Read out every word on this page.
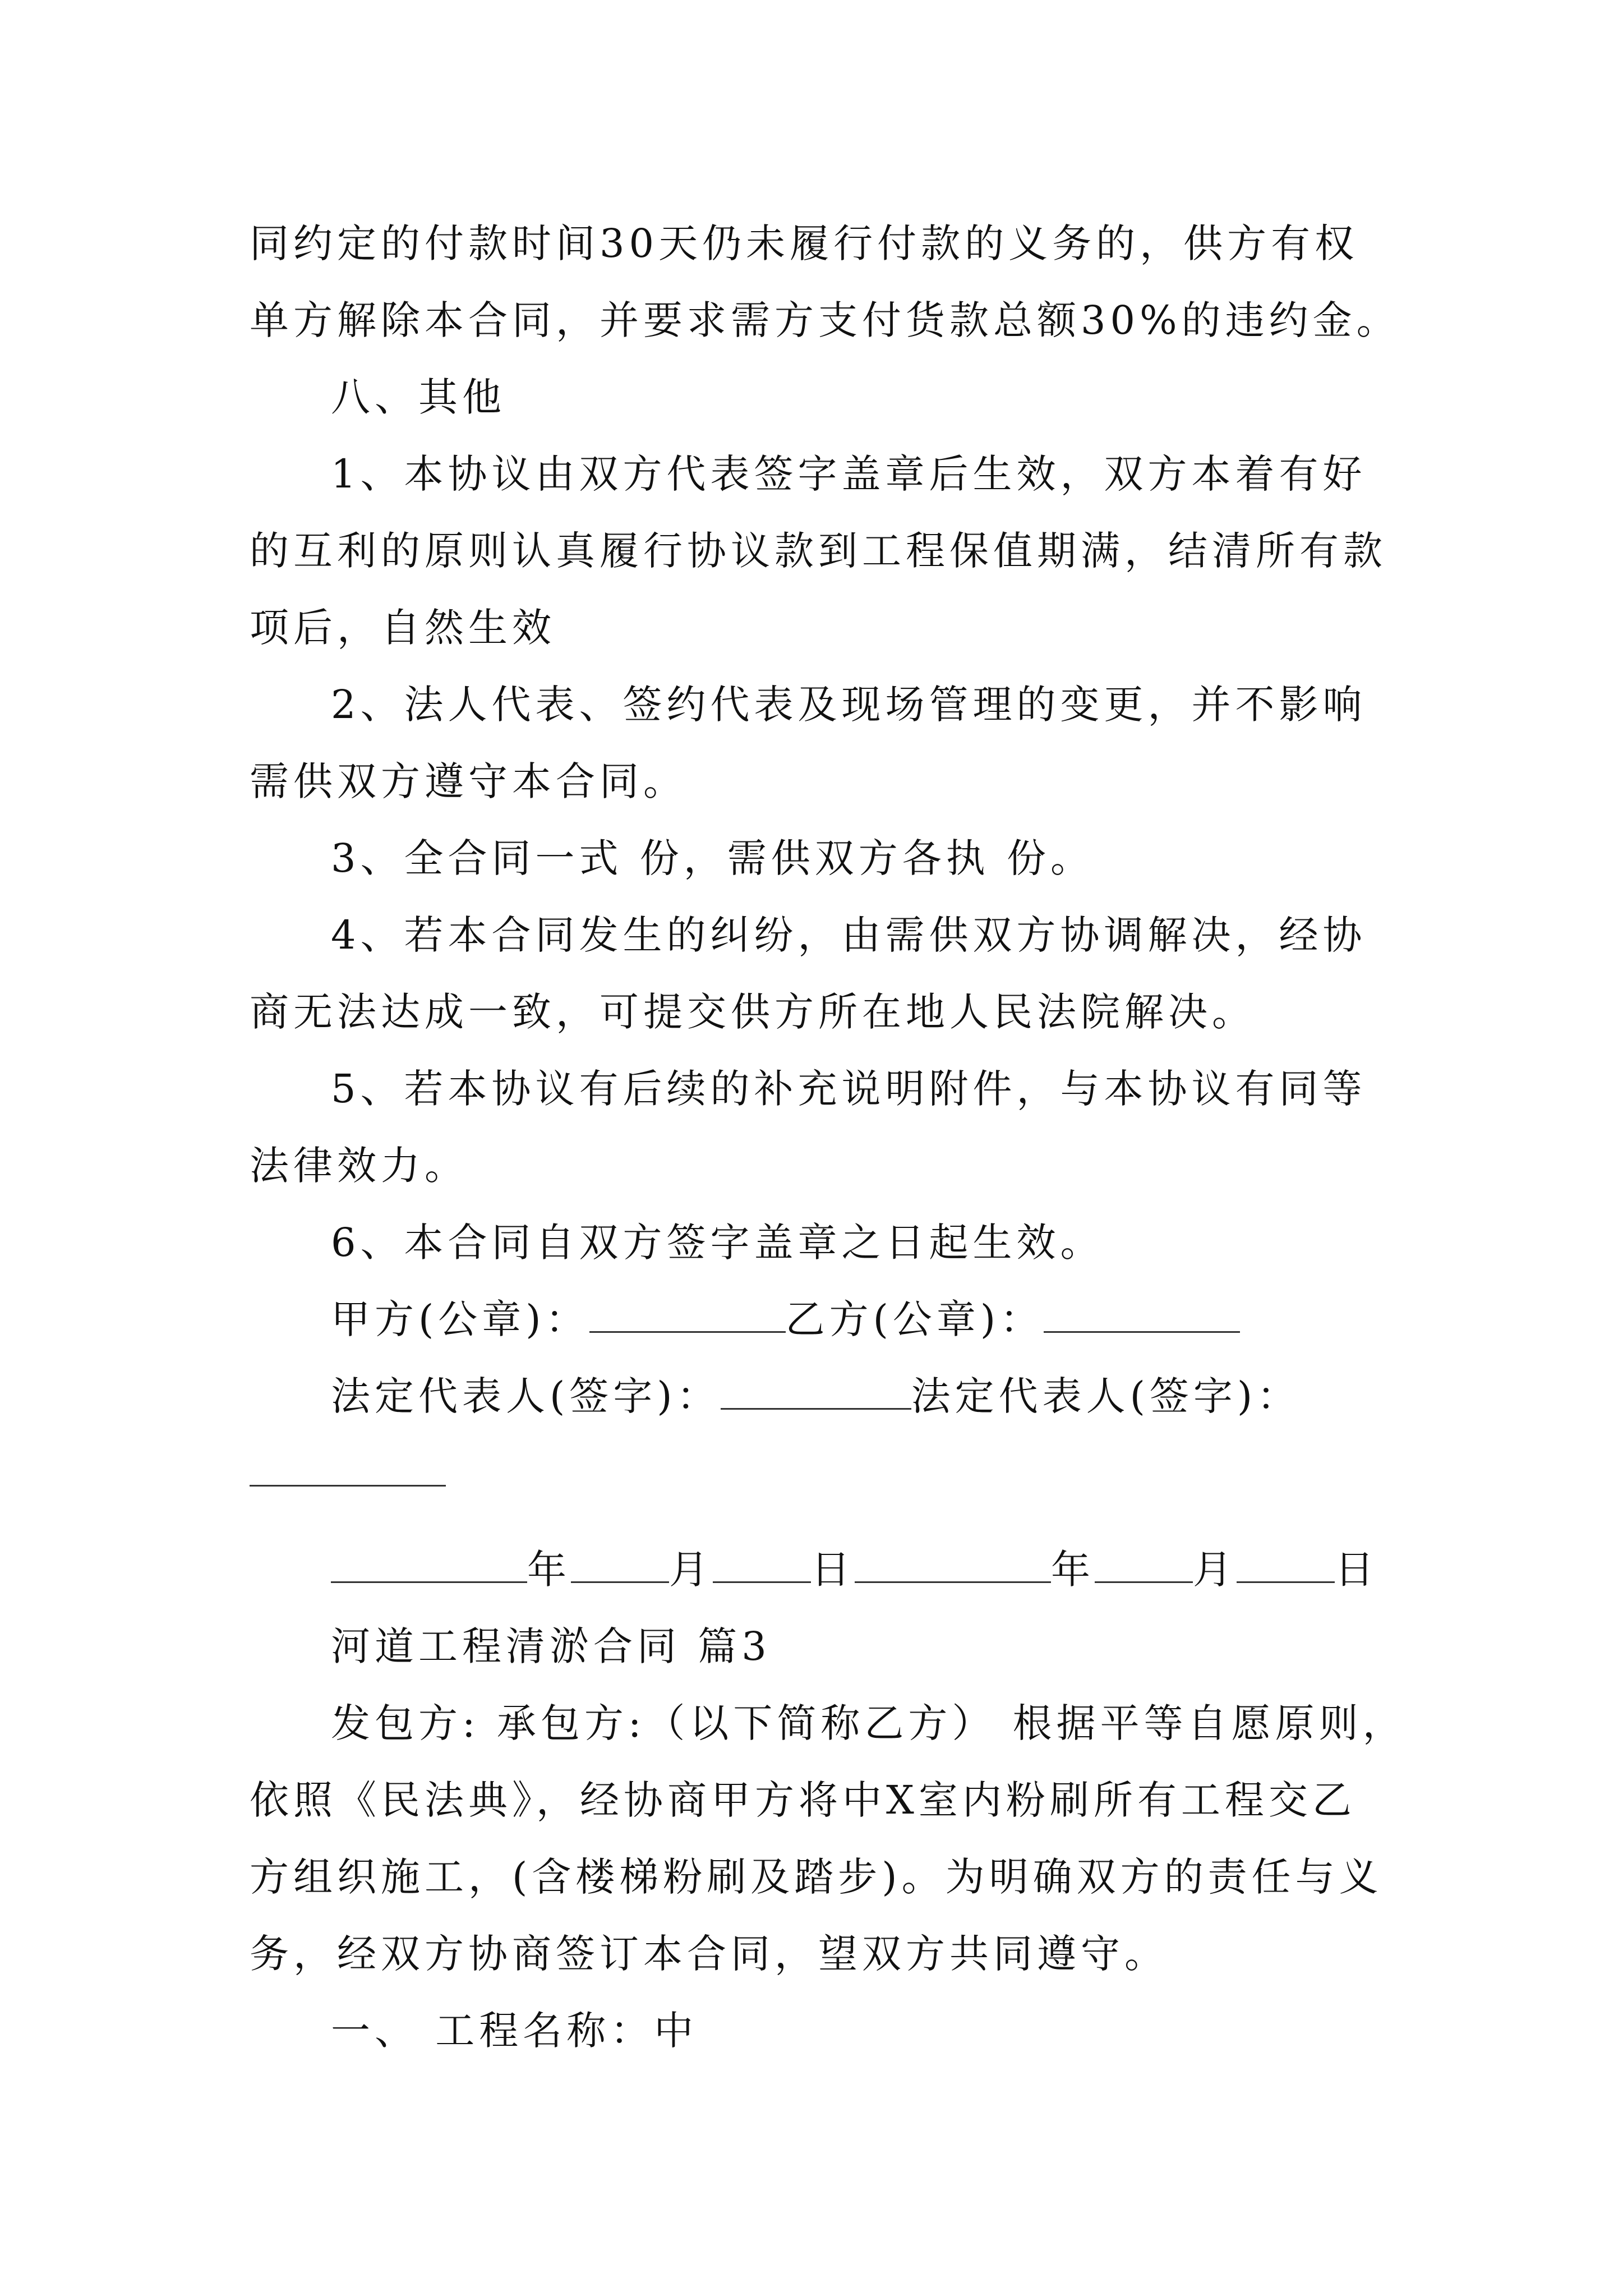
同约定的付款时间30天仍未履行付款的义务的，供方有权
单方解除本合同，并要求需方支付货款总额30%的违约金。
八、其他
1、本协议由双方代表签字盖章后生效，双方本着有好
的互利的原则认真履行协议款到工程保值期满，结清所有款
项后，自然生效
2、法人代表、签约代表及现场管理的变更，并不影响
需供双方遵守本合同。
3、全合同一式 份，需供双方各执 份。
4、若本合同发生的纠纷，由需供双方协调解决，经协
商无法达成一致，可提交供方所在地人民法院解决。
5、若本协议有后续的补充说明附件，与本协议有同等
法律效力。
6、本合同自双方签字盖章之日起生效。
甲方(公章)：	乙方(公章)：
法定代表人(签字)：	法定代表人(签字)：
年	月	日	年	月	日
河道工程清淤合同 篇3
发包方: 承包方:（以下简称乙方） 根据平等自愿原则，
依照《民法典》，经协商甲方将中X室内粉刷所有工程交乙
方组织施工，(含楼梯粉刷及踏步)。为明确双方的责任与义
务，经双方协商签订本合同，望双方共同遵守。
一、 工程名称：中
